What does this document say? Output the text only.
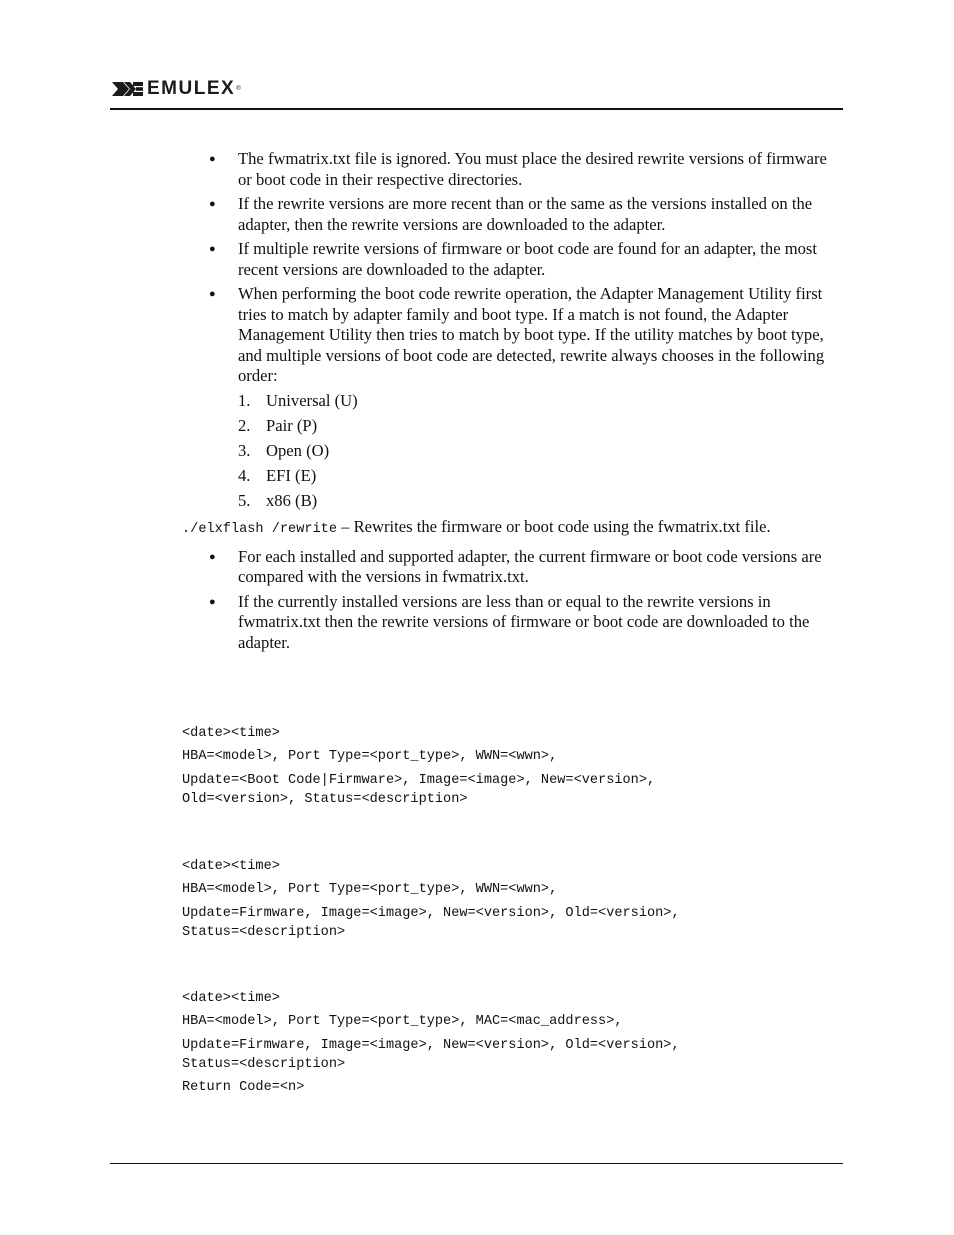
EMULEX ®
● The fwmatrix.txt file is ignored. You must place the desired rewrite versions of firmware or boot code in their respective directories.
● If the rewrite versions are more recent than or the same as the versions installed on the adapter, then the rewrite versions are downloaded to the adapter.
● If multiple rewrite versions of firmware or boot code are found for an adapter, the most recent versions are downloaded to the adapter.
● When performing the boot code rewrite operation, the Adapter Management Utility first tries to match by adapter family and boot type. If a match is not found, the Adapter Management Utility then tries to match by boot type. If the utility matches by boot type, and multiple versions of boot code are detected, rewrite always chooses in the following order:
1. Universal (U)
2. Pair (P)
3. Open (O)
4. EFI (E)
5. x86 (B)

./elxflash /rewrite – Rewrites the firmware or boot code using the fwmatrix.txt file.

● For each installed and supported adapter, the current firmware or boot code versions are compared with the versions in fwmatrix.txt.
● If the currently installed versions are less than or equal to the rewrite versions in fwmatrix.txt then the rewrite versions of firmware or boot code are downloaded to the adapter.
<date><time>
HBA=<model>, Port Type=<port_type>, WWN=<wwn>,
Update=<Boot Code|Firmware>, Image=<image>, New=<version>,
Old=<version>, Status=<description>
<date><time>
HBA=<model>, Port Type=<port_type>, WWN=<wwn>,
Update=Firmware, Image=<image>, New=<version>, Old=<version>,
Status=<description>
<date><time>
HBA=<model>, Port Type=<port_type>, MAC=<mac_address>,
Update=Firmware, Image=<image>, New=<version>, Old=<version>,
Status=<description>
Return Code=<n>
